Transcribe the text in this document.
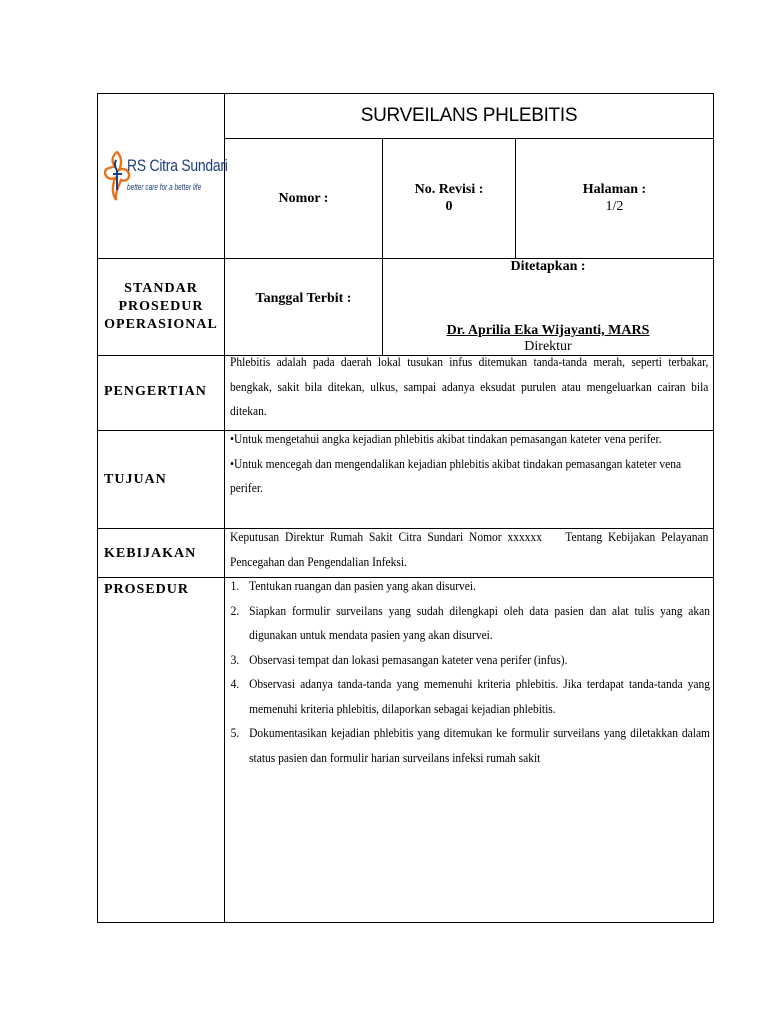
RS Citra Sundari
better care for a better life
SURVEILANS PHLEBITIS
Nomor :
No. Revisi :
0
Halaman :
1/2
STANDAR
PROSEDUR
OPERASIONAL
Tanggal Terbit :
Ditetapkan :
Dr. Aprilia Eka Wijayanti, MARS
Direktur
PENGERTIAN
Phlebitis adalah pada daerah lokal tusukan infus ditemukan tanda-tanda merah, seperti terbakar, bengkak, sakit bila ditekan, ulkus, sampai adanya eksudat purulen atau mengeluarkan cairan bila ditekan.
TUJUAN
•Untuk mengetahui angka kejadian phlebitis akibat tindakan pemasangan kateter vena perifer.
•Untuk mencegah dan mengendalikan kejadian phlebitis akibat tindakan pemasangan kateter vena perifer.
KEBIJAKAN
Keputusan Direktur Rumah Sakit Citra Sundari Nomor xxxxxx    Tentang Kebijakan Pelayanan Pencegahan dan Pengendalian Infeksi.
PROSEDUR	1. Tentukan ruangan dan pasien yang akan disurvei.
2. Siapkan formulir surveilans yang sudah dilengkapi oleh data pasien dan alat tulis yang akan digunakan untuk mendata pasien yang akan disurvei.
3. Observasi tempat dan lokasi pemasangan kateter vena perifer (infus).
4. Observasi adanya tanda-tanda yang memenuhi kriteria phlebitis. Jika terdapat tanda-tanda yang memenuhi kriteria phlebitis, dilaporkan sebagai kejadian phlebitis.
5. Dokumentasikan kejadian phlebitis yang ditemukan ke formulir surveilans yang diletakkan dalam status pasien dan formulir harian surveilans infeksi rumah sakit
